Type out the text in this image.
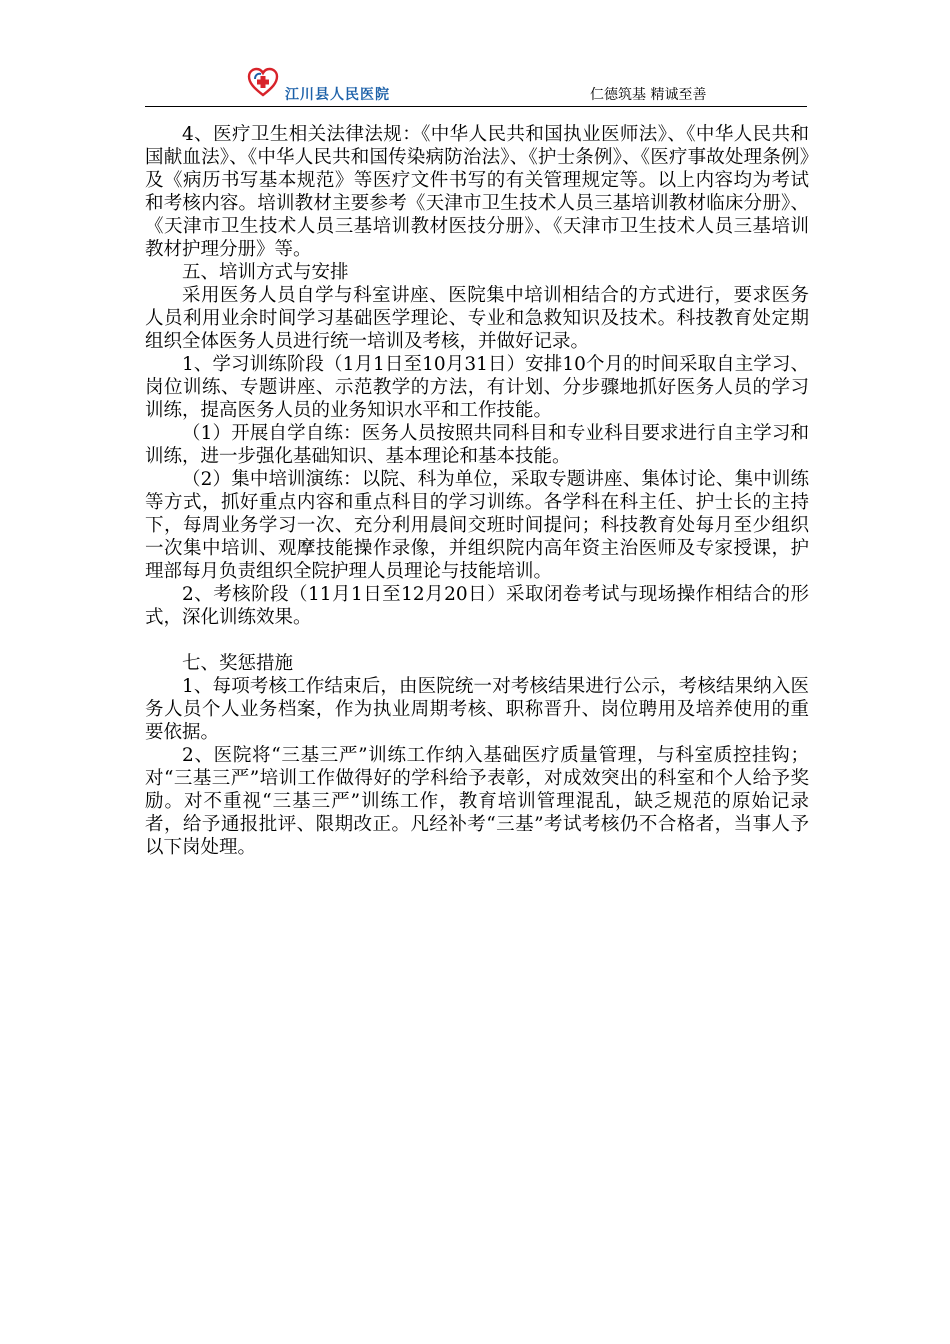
江川县人民医院	仁德筑基 精诚至善

4、医疗卫生相关法律法规：《中华人民共和国执业医师法》、《中华人民共和国献血法》、《中华人民共和国传染病防治法》、《护士条例》、《医疗事故处理条例》及《病历书写基本规范》等医疗文件书写的有关管理规定等。以上内容均为考试和考核内容。培训教材主要参考《天津市卫生技术人员三基培训教材临床分册》、《天津市卫生技术人员三基培训教材医技分册》、《天津市卫生技术人员三基培训教材护理分册》等。

五、培训方式与安排

采用医务人员自学与科室讲座、医院集中培训相结合的方式进行，要求医务人员利用业余时间学习基础医学理论、专业和急救知识及技术。科技教育处定期组织全体医务人员进行统一培训及考核，并做好记录。

1、学习训练阶段（1月1日至10月31日）安排10个月的时间采取自主学习、岗位训练、专题讲座、示范教学的方法，有计划、分步骤地抓好医务人员的学习训练，提高医务人员的业务知识水平和工作技能。

（1）开展自学自练：医务人员按照共同科目和专业科目要求进行自主学习和训练，进一步强化基础知识、基本理论和基本技能。

（2）集中培训演练：以院、科为单位，采取专题讲座、集体讨论、集中训练等方式，抓好重点内容和重点科目的学习训练。各学科在科主任、护士长的主持下，每周业务学习一次、充分利用晨间交班时间提问；科技教育处每月至少组织一次集中培训、观摩技能操作录像，并组织院内高年资主治医师及专家授课，护理部每月负责组织全院护理人员理论与技能培训。

2、考核阶段（11月1日至12月20日）采取闭卷考试与现场操作相结合的形式，深化训练效果。

七、奖惩措施

1、每项考核工作结束后，由医院统一对考核结果进行公示，考核结果纳入医务人员个人业务档案，作为执业周期考核、职称晋升、岗位聘用及培养使用的重要依据。

2、医院将“三基三严”训练工作纳入基础医疗质量管理，与科室质控挂钩；对“三基三严”培训工作做得好的学科给予表彰，对成效突出的科室和个人给予奖励。对不重视“三基三严”训练工作，教育培训管理混乱，缺乏规范的原始记录者，给予通报批评、限期改正。凡经补考“三基”考试考核仍不合格者，当事人予以下岗处理。
